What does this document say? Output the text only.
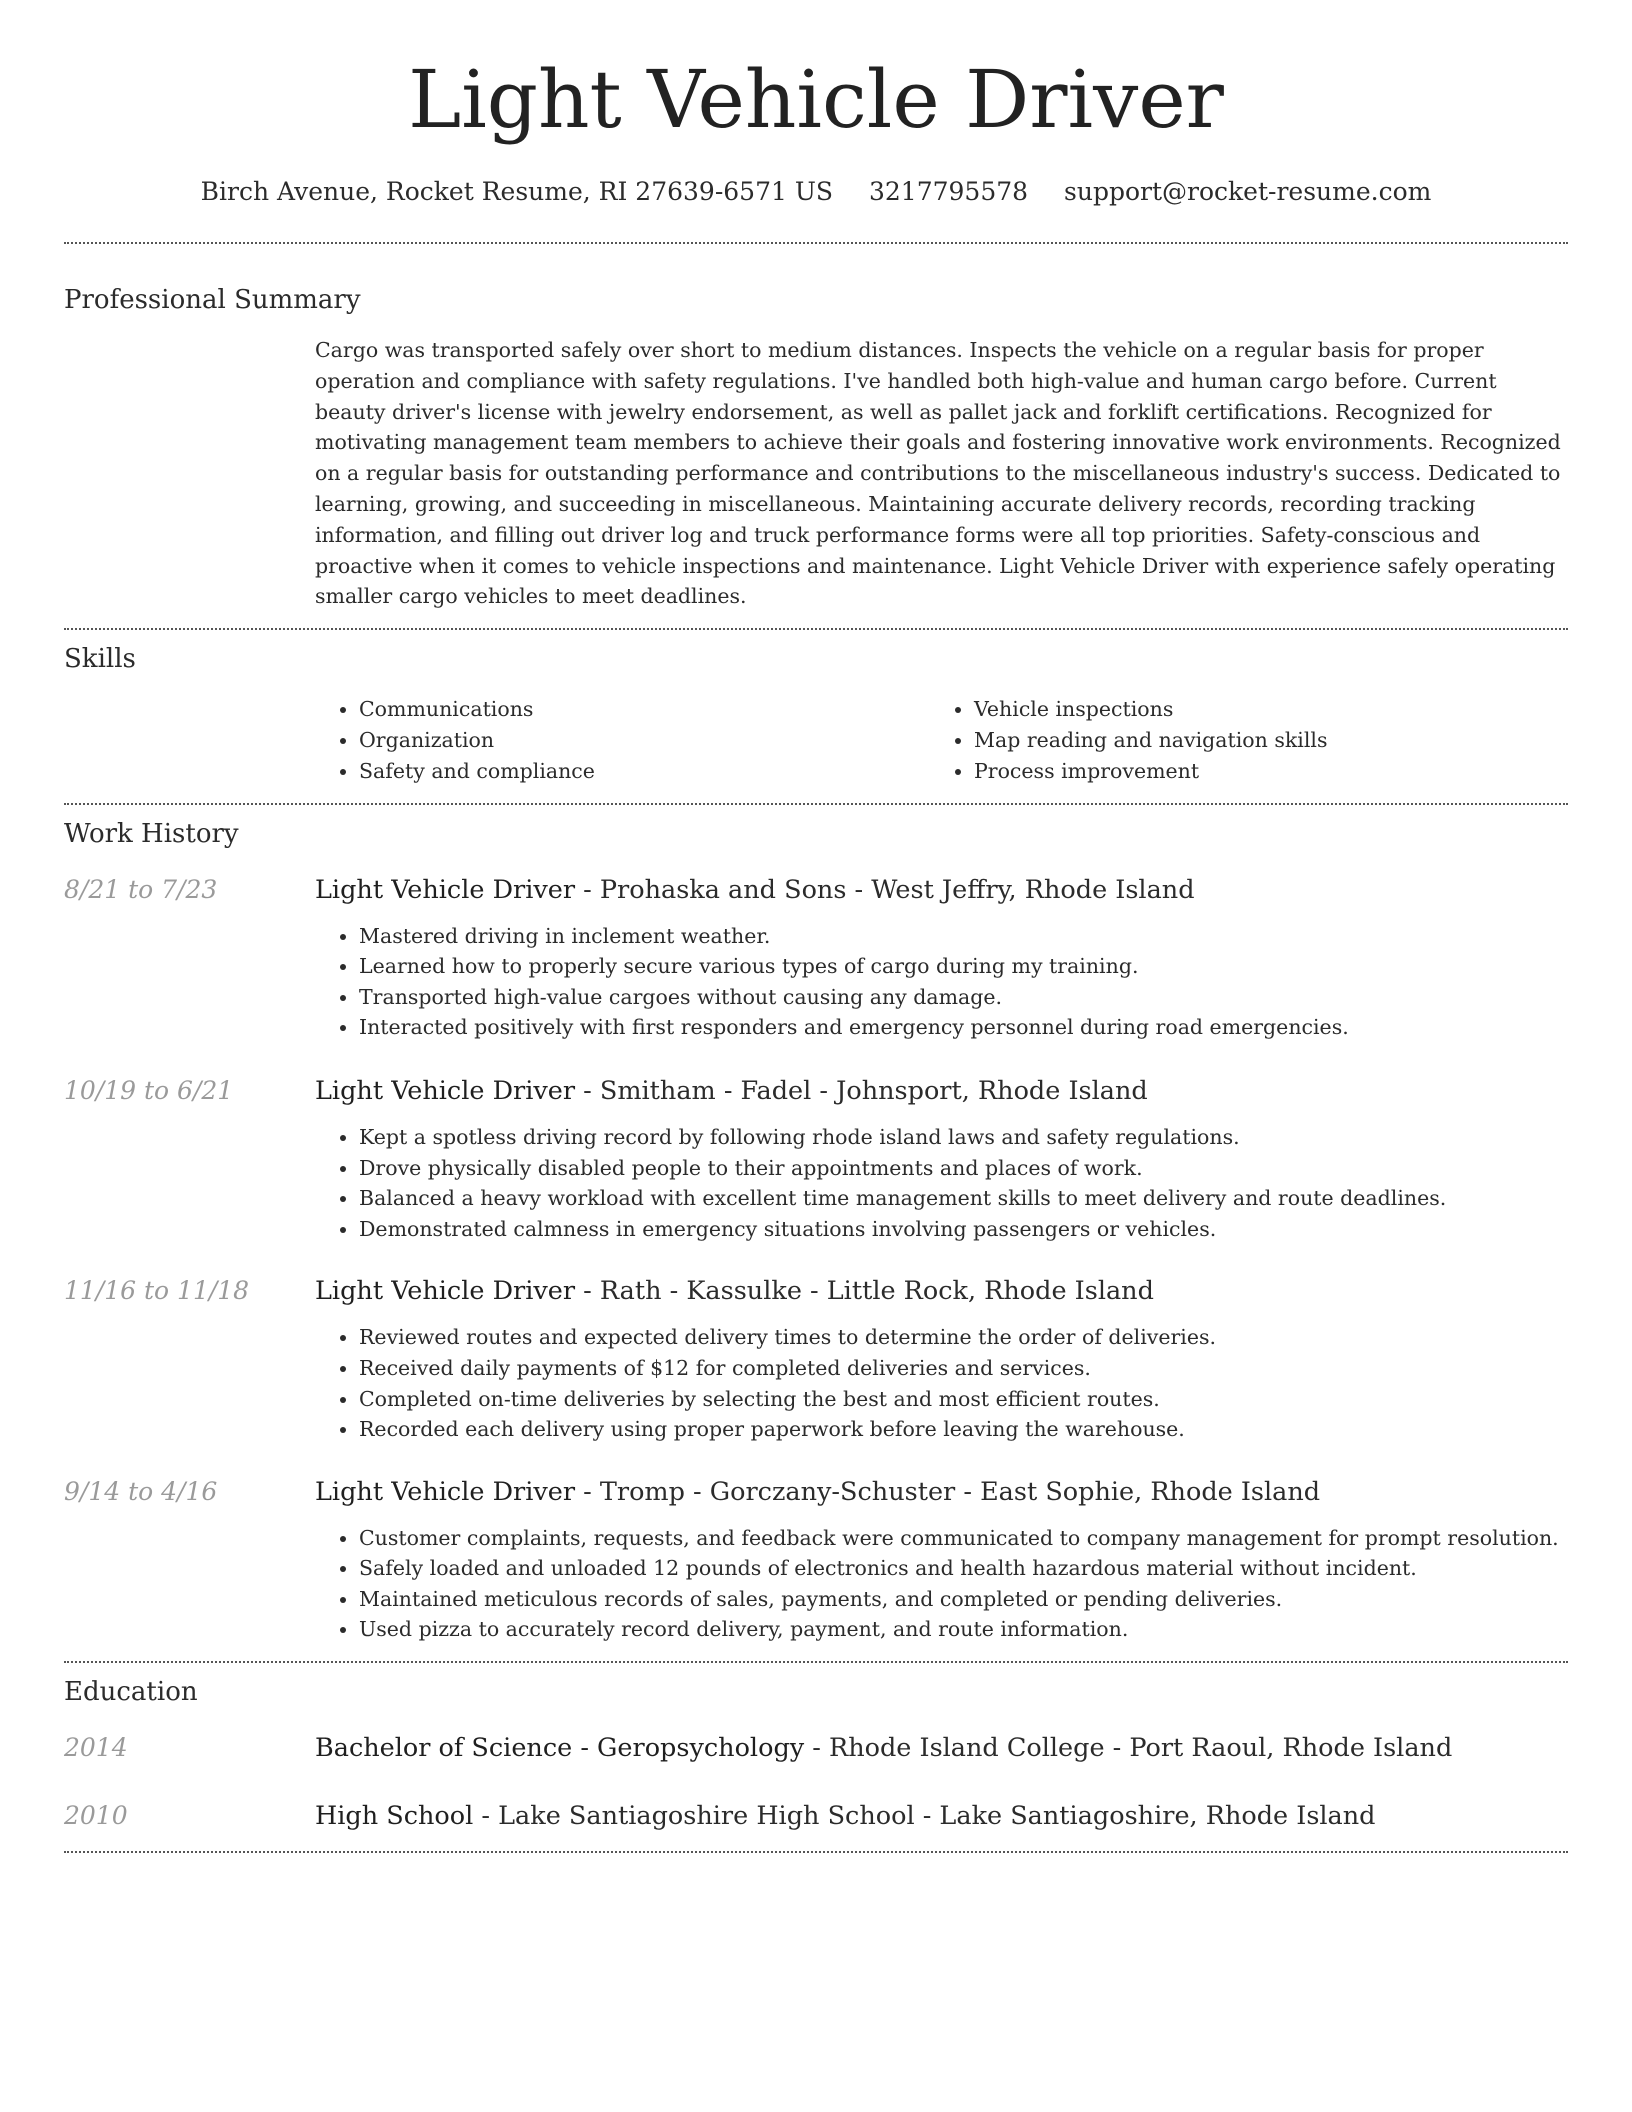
Light Vehicle Driver
Birch Avenue, Rocket Resume, RI 27639-6571 US 3217795578 support@rocket-resume.com
Professional Summary

Cargo was transported safely over short to medium distances. Inspects the vehicle on a regular basis for proper operation and compliance with safety regulations. I've handled both high-value and human cargo before. Current beauty driver's license with jewelry endorsement, as well as pallet jack and forklift certifications. Recognized for motivating management team members to achieve their goals and fostering innovative work environments. Recognized on a regular basis for outstanding performance and contributions to the miscellaneous industry's success. Dedicated to learning, growing, and succeeding in miscellaneous. Maintaining accurate delivery records, recording tracking information, and filling out driver log and truck performance forms were all top priorities. Safety-conscious and proactive when it comes to vehicle inspections and maintenance. Light Vehicle Driver with experience safely operating smaller cargo vehicles to meet deadlines.

Skills
• Communications
• Organization
• Safety and compliance
• Vehicle inspections
• Map reading and navigation skills
• Process improvement
Work History
8/21 to 7/23	Light Vehicle Driver - Prohaska and Sons - West Jeffry, Rhode Island
• Mastered driving in inclement weather.
• Learned how to properly secure various types of cargo during my training.
• Transported high-value cargoes without causing any damage.
• Interacted positively with first responders and emergency personnel during road emergencies.
10/19 to 6/21	Light Vehicle Driver - Smitham - Fadel - Johnsport, Rhode Island
• Kept a spotless driving record by following rhode island laws and safety regulations.
• Drove physically disabled people to their appointments and places of work.
• Balanced a heavy workload with excellent time management skills to meet delivery and route deadlines.
• Demonstrated calmness in emergency situations involving passengers or vehicles.
11/16 to 11/18	Light Vehicle Driver - Rath - Kassulke - Little Rock, Rhode Island
• Reviewed routes and expected delivery times to determine the order of deliveries.
• Received daily payments of $12 for completed deliveries and services.
• Completed on-time deliveries by selecting the best and most efficient routes.
• Recorded each delivery using proper paperwork before leaving the warehouse.
9/14 to 4/16	Light Vehicle Driver - Tromp - Gorczany-Schuster - East Sophie, Rhode Island
• Customer complaints, requests, and feedback were communicated to company management for prompt resolution.
• Safely loaded and unloaded 12 pounds of electronics and health hazardous material without incident.
• Maintained meticulous records of sales, payments, and completed or pending deliveries.
• Used pizza to accurately record delivery, payment, and route information.
Education
2014	Bachelor of Science - Geropsychology - Rhode Island College - Port Raoul, Rhode Island
2010	High School - Lake Santiagoshire High School - Lake Santiagoshire, Rhode Island
